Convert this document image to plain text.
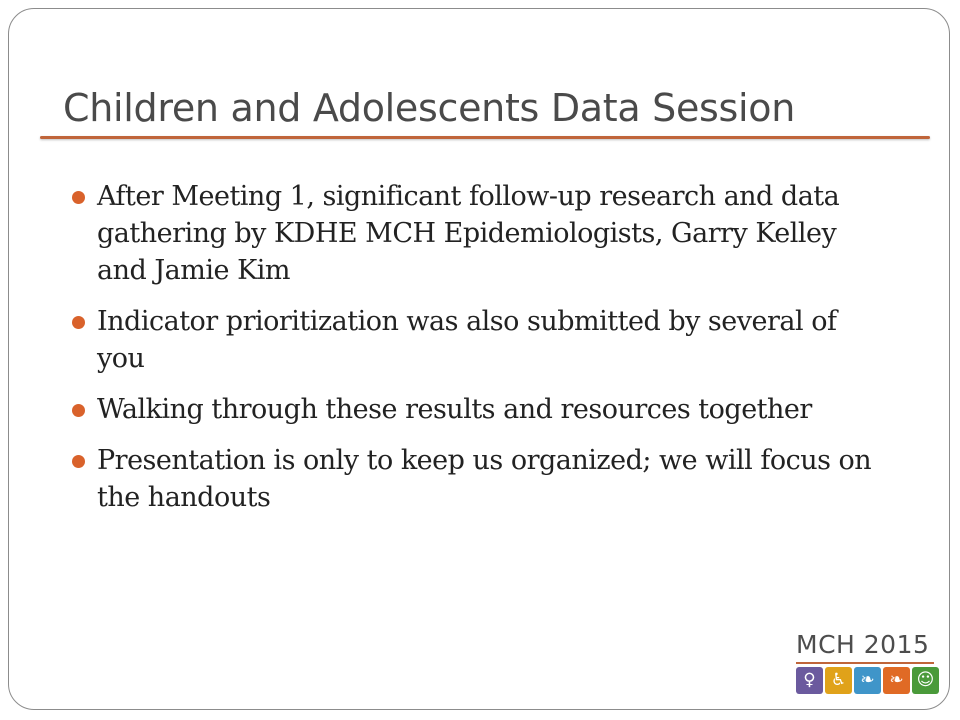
Children and Adolescents Data Session
After Meeting 1, significant follow-up research and data gathering by KDHE MCH Epidemiologists, Garry Kelley and Jamie Kim
Indicator prioritization was also submitted by several of you
Walking through these results and resources together
Presentation is only to keep us organized; we will focus on the handouts
MCH 2015
♀ ♿ ❧ ❧ ☺
